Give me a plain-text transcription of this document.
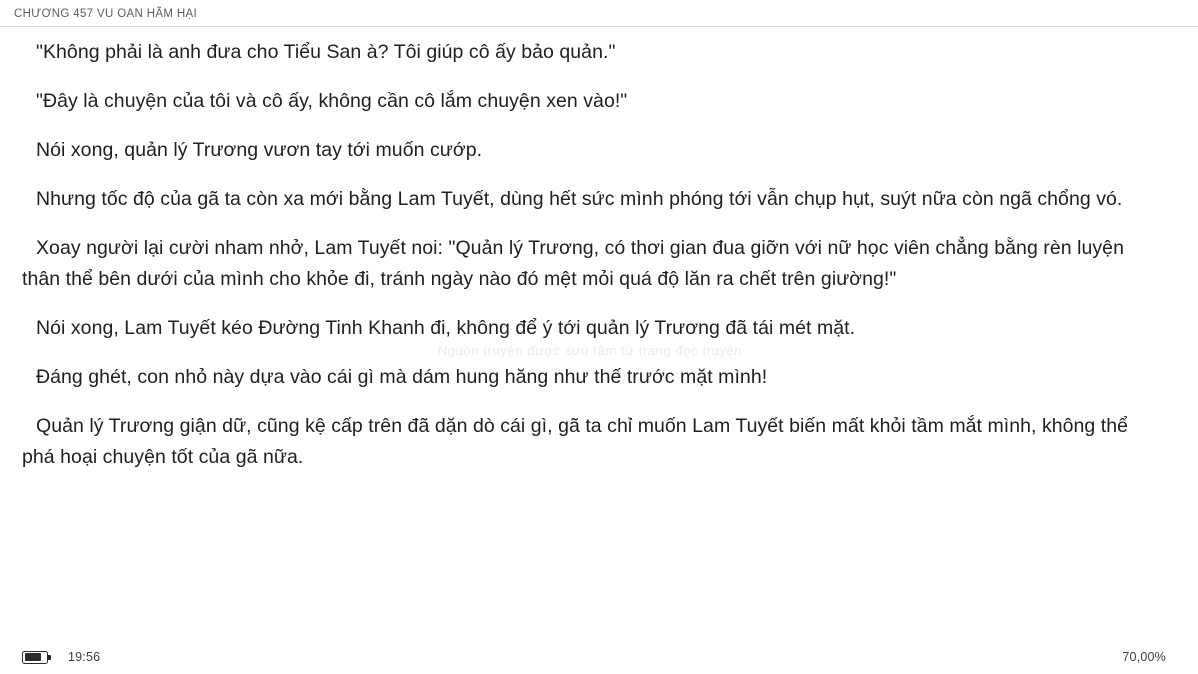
CHƯƠNG 457 VU OAN HÃM HẠI

"Không phải là anh đưa cho Tiểu San à? Tôi giúp cô ấy bảo quản."

"Đây là chuyện của tôi và cô ấy, không cần cô lắm chuyện xen vào!"

Nói xong, quản lý Trương vươn tay tới muốn cướp.

Nhưng tốc độ của gã ta còn xa mới bằng Lam Tuyết, dùng hết sức mình phóng tới vẫn chụp hụt, suýt nữa còn ngã chổng vó.

Xoay người lại cười nham nhở, Lam Tuyết noi: "Quản lý Trương, có thơi gian đua giỡn với nữ học viên chẳng bằng rèn luyện thân thể bên dưới của mình cho khỏe đi, tránh ngày nào đó mệt mỏi quá độ lăn ra chết trên giường!"

Nói xong, Lam Tuyết kéo Đường Tinh Khanh đi, không để ý tới quản lý Trương đã tái mét mặt.

Đáng ghét, con nhỏ này dựa vào cái gì mà dám hung hăng như thế trước mặt mình!

Quản lý Trương giận dữ, cũng kệ cấp trên đã dặn dò cái gì, gã ta chỉ muốn Lam Tuyết biến mất khỏi tầm mắt mình, không thể phá hoại chuyện tốt của gã nữa.

Nguồn truyện được sưu tầm từ trang đọc truyện
19:56	70,00%
